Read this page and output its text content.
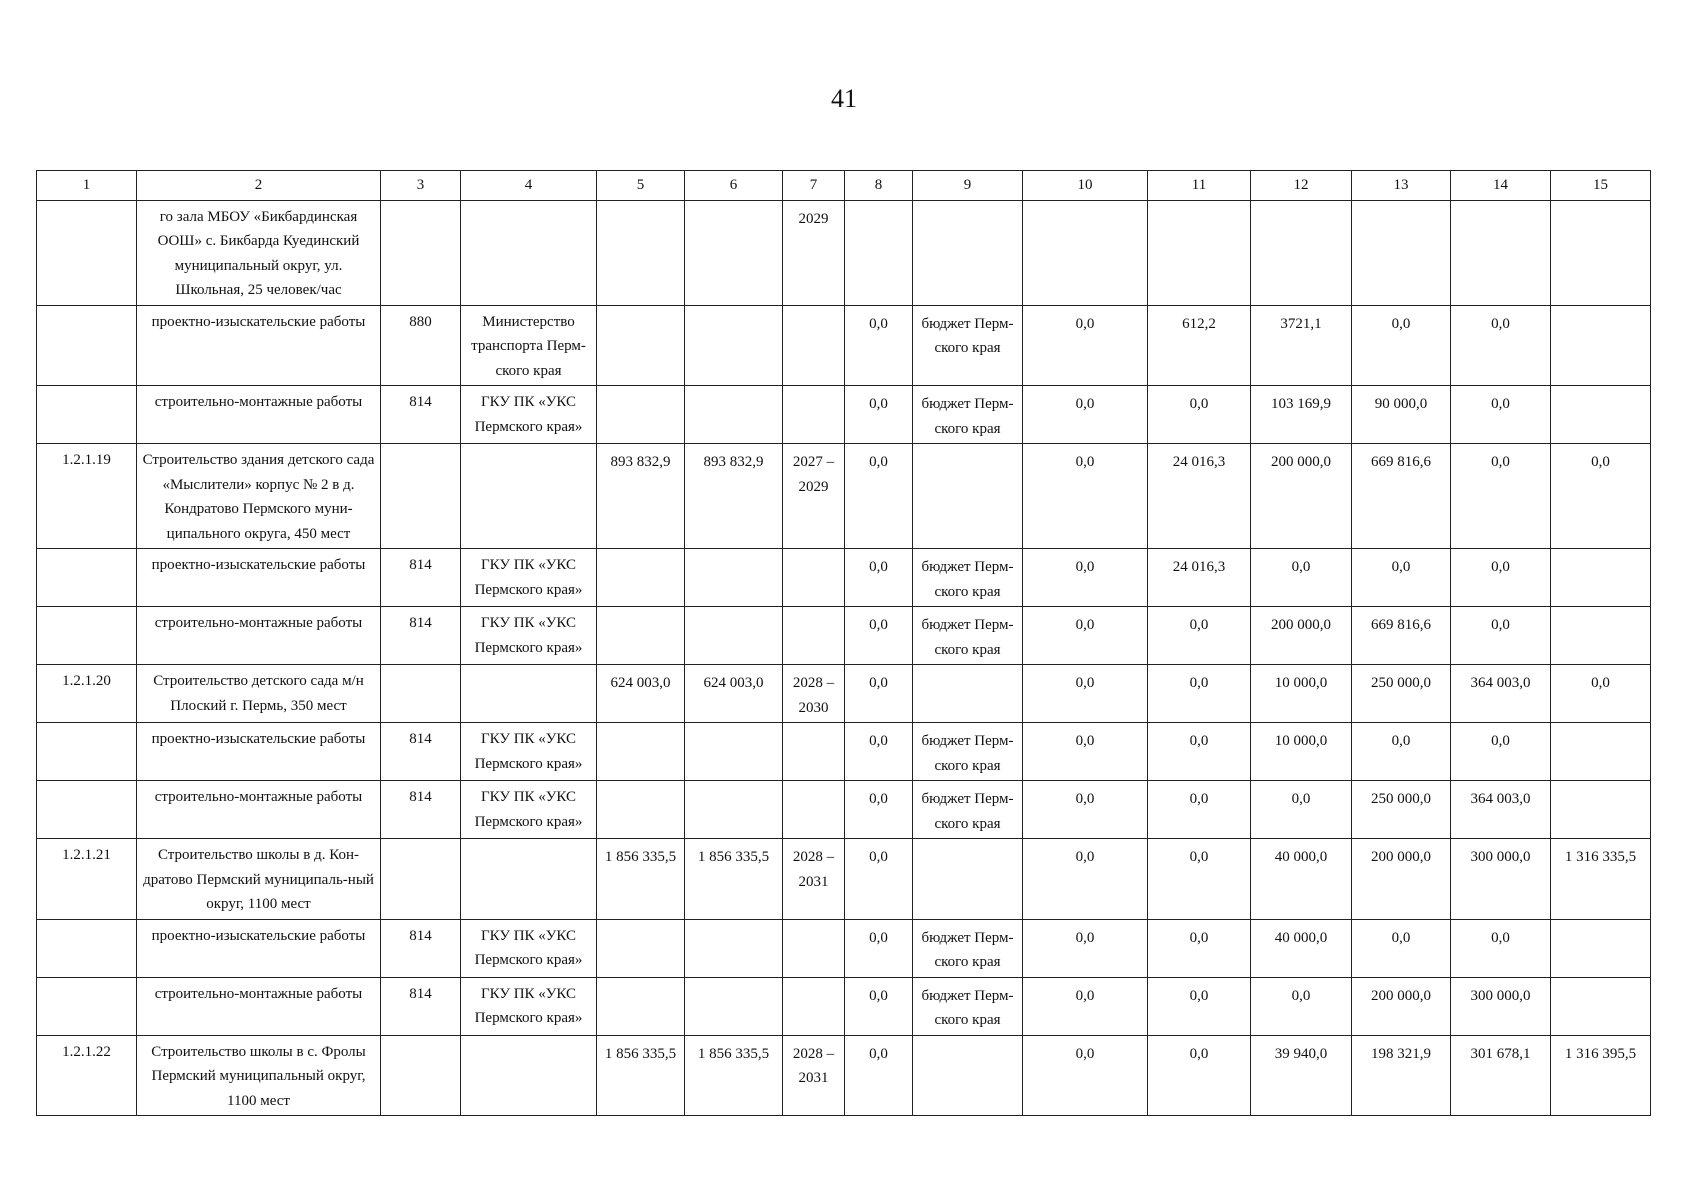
41
1	2	3	4	5	6	7	8	9	10	11	12	13	14	15
	го зала МБОУ «Бикбардинская ООШ» с. Бикбарда Куединский муниципальный округ, ул. Школьная, 25 человек/час					2029								
	проектно-изыскательские работы	880	Министерство транспорта Перм-ского края				0,0	бюджет Перм-ского края	0,0	612,2	3721,1	0,0	0,0	
	строительно-монтажные работы	814	ГКУ ПК «УКС Пермского края»				0,0	бюджет Перм-ского края	0,0	0,0	103 169,9	90 000,0	0,0	
1.2.1.19	Строительство здания детского сада «Мыслители» корпус № 2 в д. Кондратово Пермского муни-ципального округа, 450 мест			893 832,9	893 832,9	2027 – 2029	0,0		0,0	24 016,3	200 000,0	669 816,6	0,0	0,0
	проектно-изыскательские работы	814	ГКУ ПК «УКС Пермского края»				0,0	бюджет Перм-ского края	0,0	24 016,3	0,0	0,0	0,0	
	строительно-монтажные работы	814	ГКУ ПК «УКС Пермского края»				0,0	бюджет Перм-ского края	0,0	0,0	200 000,0	669 816,6	0,0	
1.2.1.20	Строительство детского сада м/н Плоский г. Пермь, 350 мест			624 003,0	624 003,0	2028 – 2030	0,0		0,0	0,0	10 000,0	250 000,0	364 003,0	0,0
	проектно-изыскательские работы	814	ГКУ ПК «УКС Пермского края»				0,0	бюджет Перм-ского края	0,0	0,0	10 000,0	0,0	0,0	
	строительно-монтажные работы	814	ГКУ ПК «УКС Пермского края»				0,0	бюджет Перм-ского края	0,0	0,0	0,0	250 000,0	364 003,0	
1.2.1.21	Строительство школы в д. Кон-дратово Пермский муниципаль-ный округ, 1100 мест			1 856 335,5	1 856 335,5	2028 – 2031	0,0		0,0	0,0	40 000,0	200 000,0	300 000,0	1 316 335,5
	проектно-изыскательские работы	814	ГКУ ПК «УКС Пермского края»				0,0	бюджет Перм-ского края	0,0	0,0	40 000,0	0,0	0,0	
	строительно-монтажные работы	814	ГКУ ПК «УКС Пермского края»				0,0	бюджет Перм-ского края	0,0	0,0	0,0	200 000,0	300 000,0	
1.2.1.22	Строительство школы в с. Фролы Пермский муниципальный округ, 1100 мест			1 856 335,5	1 856 335,5	2028 – 2031	0,0		0,0	0,0	39 940,0	198 321,9	301 678,1	1 316 395,5
